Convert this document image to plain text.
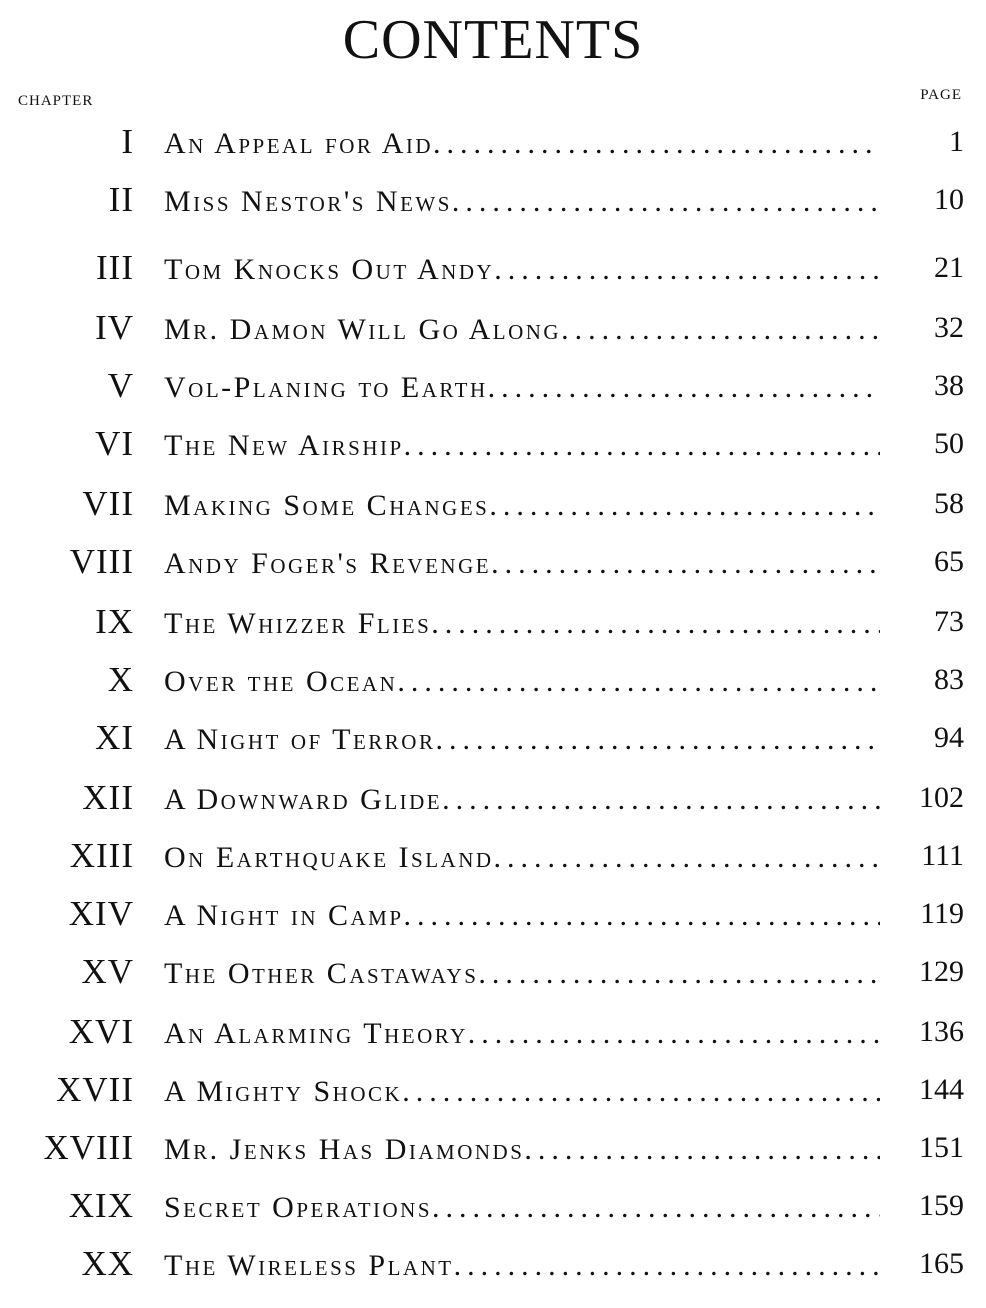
CONTENTS
chapter	page
I An Appeal for Aid .....	1
II Miss Nestor's News .....	10
III Tom Knocks Out Andy .....	21
IV Mr. Damon Will Go Along .....	32
V Vol-Planing to Earth .....	38
VI The New Airship .....	50
VII Making Some Changes .....	58
VIII Andy Foger's Revenge .....	65
IX The Whizzer Flies .....	73
X Over the Ocean .....	83
XI A Night of Terror .....	94
XII A Downward Glide .....	102
XIII On Earthquake Island .....	111
XIV A Night in Camp .....	119
XV The Other Castaways .....	129
XVI An Alarming Theory .....	136
XVII A Mighty Shock .....	144
XVIII Mr. Jenks Has Diamonds .....	151
XIX Secret Operations .....	159
XX The Wireless Plant .....	165
